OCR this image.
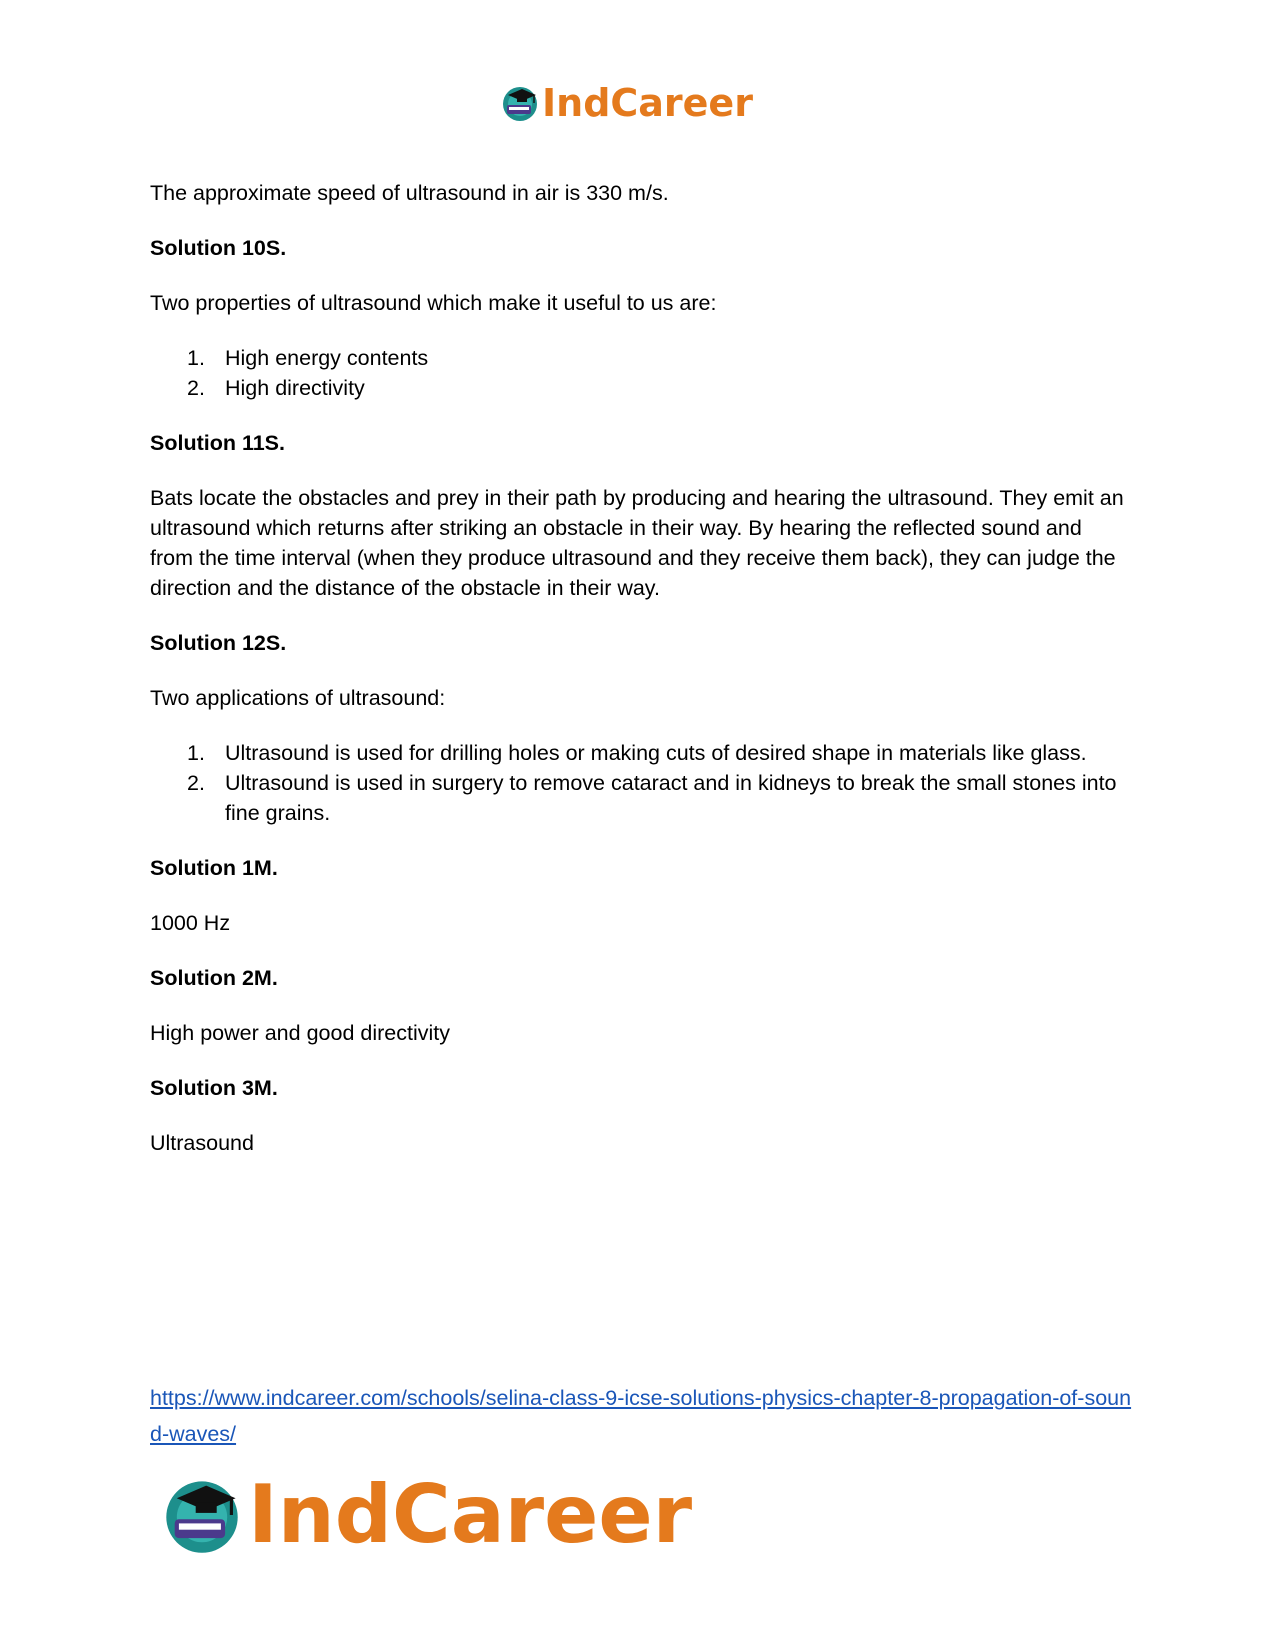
IndCareer

The approximate speed of ultrasound in air is 330 m/s.

Solution 10S.

Two properties of ultrasound which make it useful to us are:

1. High energy contents
2. High directivity

Solution 11S.

Bats locate the obstacles and prey in their path by producing and hearing the ultrasound. They emit an ultrasound which returns after striking an obstacle in their way. By hearing the reflected sound and from the time interval (when they produce ultrasound and they receive them back), they can judge the direction and the distance of the obstacle in their way.

Solution 12S.

Two applications of ultrasound:

1. Ultrasound is used for drilling holes or making cuts of desired shape in materials like glass.
2. Ultrasound is used in surgery to remove cataract and in kidneys to break the small stones into fine grains.

Solution 1M.

1000 Hz

Solution 2M.

High power and good directivity

Solution 3M.

Ultrasound

https://www.indcareer.com/schools/selina-class-9-icse-solutions-physics-chapter-8-propagation-of-sound-waves/
IndCareer
